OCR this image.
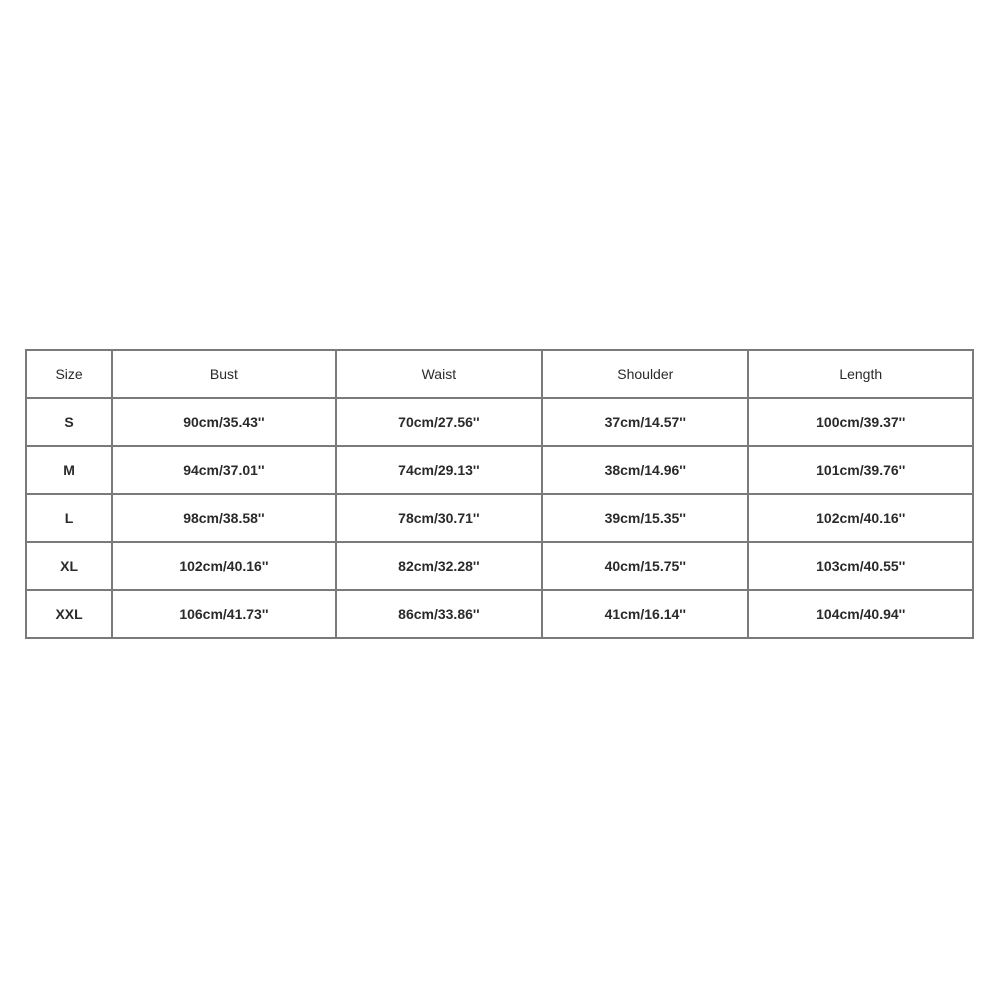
Size	Bust	Waist	Shoulder	Length
S	90cm/35.43''	70cm/27.56''	37cm/14.57''	100cm/39.37''
M	94cm/37.01''	74cm/29.13''	38cm/14.96''	101cm/39.76''
L	98cm/38.58''	78cm/30.71''	39cm/15.35''	102cm/40.16''
XL	102cm/40.16''	82cm/32.28''	40cm/15.75''	103cm/40.55''
XXL	106cm/41.73''	86cm/33.86''	41cm/16.14''	104cm/40.94''
